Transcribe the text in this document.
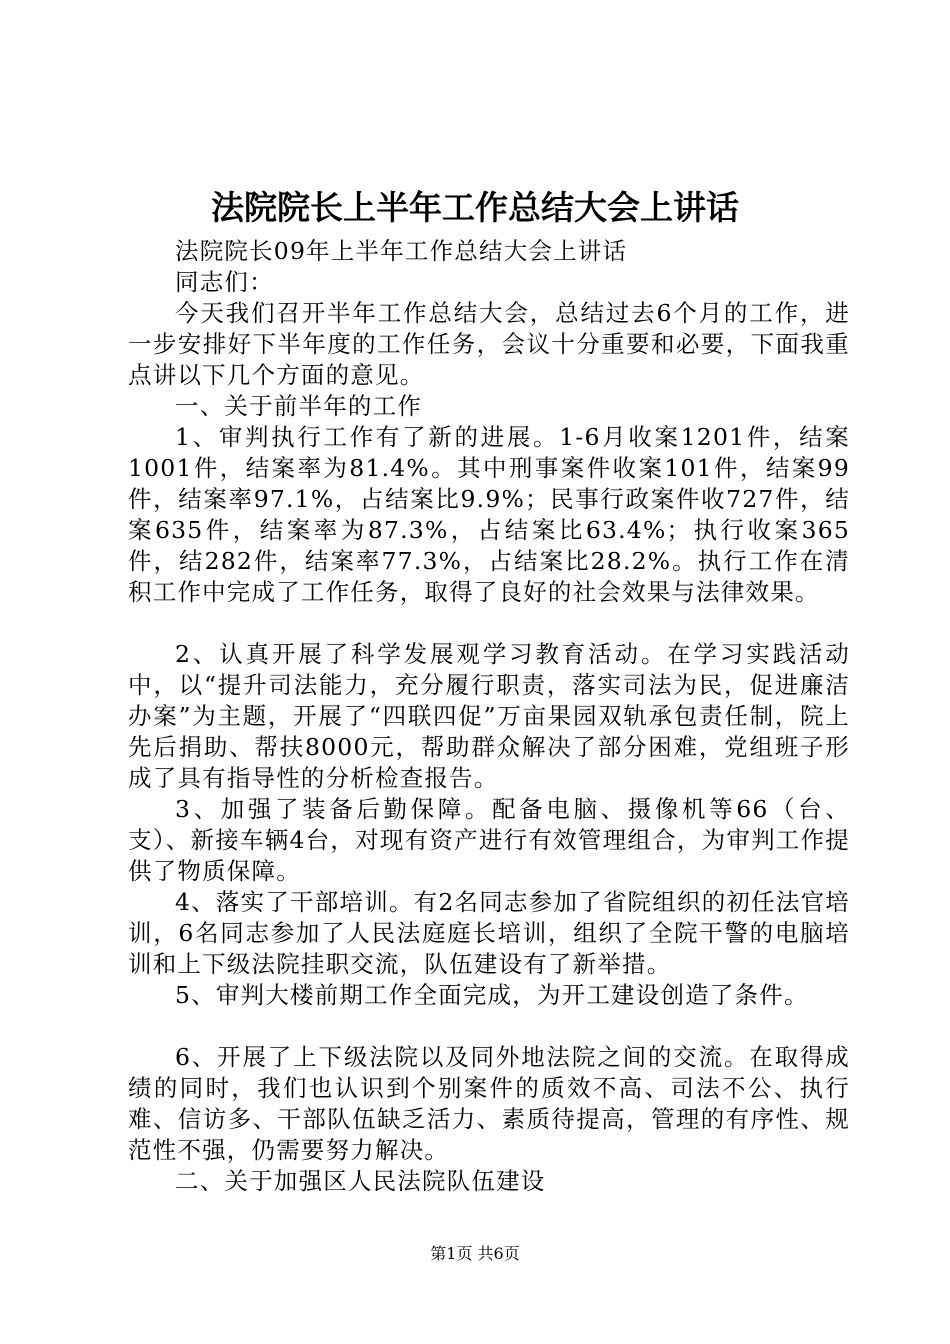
法院院长上半年工作总结大会上讲话

法院院长09年上半年工作总结大会上讲话

同志们：

今天我们召开半年工作总结大会，总结过去6个月的工作，进一步安排好下半年度的工作任务，会议十分重要和必要，下面我重点讲以下几个方面的意见。

一、关于前半年的工作

1、审判执行工作有了新的进展。1-6月收案1201件，结案1001件，结案率为81.4%。其中刑事案件收案101件，结案99件，结案率97.1%，占结案比9.9%；民事行政案件收727件，结案635件，结案率为87.3%，占结案比63.4%；执行收案365件，结282件，结案率77.3%，占结案比28.2%。执行工作在清积工作中完成了工作任务，取得了良好的社会效果与法律效果。

2、认真开展了科学发展观学习教育活动。在学习实践活动中，以“提升司法能力，充分履行职责，落实司法为民，促进廉洁办案”为主题，开展了“四联四促”万亩果园双轨承包责任制，院上先后捐助、帮扶8000元，帮助群众解决了部分困难，党组班子形成了具有指导性的分析检查报告。

3、加强了装备后勤保障。配备电脑、摄像机等66（台、支）、新接车辆4台，对现有资产进行有效管理组合，为审判工作提供了物质保障。

4、落实了干部培训。有2名同志参加了省院组织的初任法官培训，6名同志参加了人民法庭庭长培训，组织了全院干警的电脑培训和上下级法院挂职交流，队伍建设有了新举措。

5、审判大楼前期工作全面完成，为开工建设创造了条件。

6、开展了上下级法院以及同外地法院之间的交流。在取得成绩的同时，我们也认识到个别案件的质效不高、司法不公、执行难、信访多、干部队伍缺乏活力、素质待提高，管理的有序性、规范性不强，仍需要努力解决。

二、关于加强区人民法院队伍建设

第1页 共6页
